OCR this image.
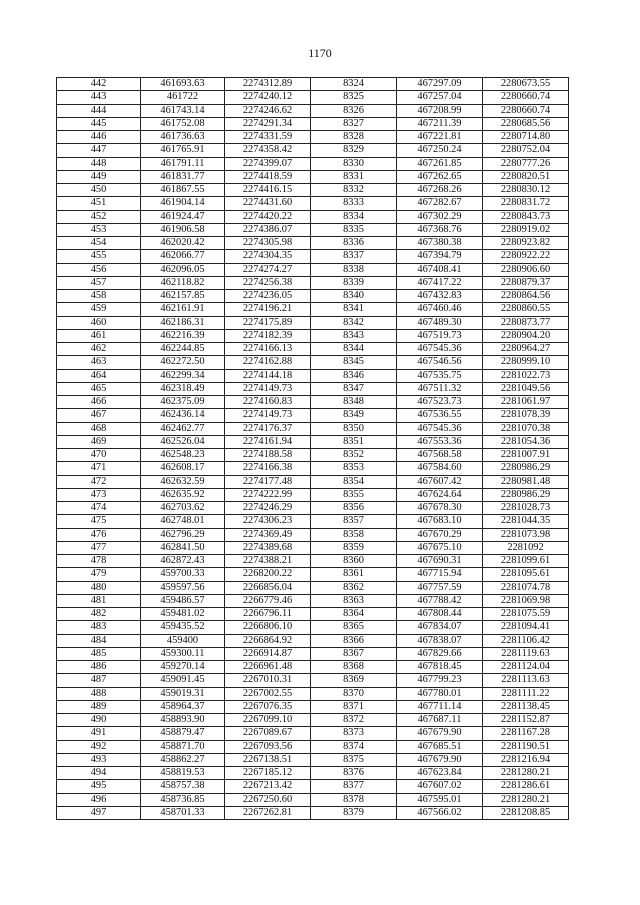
1170
442	461693.63	2274312.89	8324	467297.09	2280673.55
443	461722	2274240.12	8325	467257.04	2280660.74
444	461743.14	2274246.62	8326	467208.99	2280660.74
445	461752.08	2274291.34	8327	467211.39	2280685.56
446	461736.63	2274331.59	8328	467221.81	2280714.80
447	461765.91	2274358.42	8329	467250.24	2280752.04
448	461791.11	2274399.07	8330	467261.85	2280777.26
449	461831.77	2274418.59	8331	467262.65	2280820.51
450	461867.55	2274416.15	8332	467268.26	2280830.12
451	461904.14	2274431.60	8333	467282.67	2280831.72
452	461924.47	2274420.22	8334	467302.29	2280843.73
453	461906.58	2274386.07	8335	467368.76	2280919.02
454	462020.42	2274305.98	8336	467380.38	2280923.82
455	462066.77	2274304.35	8337	467394.79	2280922.22
456	462096.05	2274274.27	8338	467408.41	2280906.60
457	462118.82	2274256.38	8339	467417.22	2280879.37
458	462157.85	2274236.05	8340	467432.83	2280864.56
459	462161.91	2274196.21	8341	467460.46	2280860.55
460	462186.31	2274175.89	8342	467489.30	2280873.77
461	462216.39	2274182.39	8343	467519.73	2280904.20
462	462244.85	2274166.13	8344	467545.36	2280964.27
463	462272.50	2274162.88	8345	467546.56	2280999.10
464	462299.34	2274144.18	8346	467535.75	2281022.73
465	462318.49	2274149.73	8347	467511.32	2281049.56
466	462375.09	2274160.83	8348	467523.73	2281061.97
467	462436.14	2274149.73	8349	467536.55	2281078.39
468	462462.77	2274176.37	8350	467545.36	2281070.38
469	462526.04	2274161.94	8351	467553.36	2281054.36
470	462548.23	2274188.58	8352	467568.58	2281007.91
471	462608.17	2274166.38	8353	467584.60	2280986.29
472	462632.59	2274177.48	8354	467607.42	2280981.48
473	462635.92	2274222.99	8355	467624.64	2280986.29
474	462703.62	2274246.29	8356	467678.30	2281028.73
475	462748.01	2274306.23	8357	467683.10	2281044.35
476	462796.29	2274369.49	8358	467670.29	2281073.98
477	462841.50	2274389.68	8359	467675.10	2281092
478	462872.43	2274388.21	8360	467690.31	2281099.61
479	459700.33	2268200.22	8361	467715.94	2281095.61
480	459597.56	2266856.04	8362	467757.59	2281074.78
481	459486.57	2266779.46	8363	467788.42	2281069.98
482	459481.02	2266796.11	8364	467808.44	2281075.59
483	459435.52	2266806.10	8365	467834.07	2281094.41
484	459400	2266864.92	8366	467838.07	2281106.42
485	459300.11	2266914.87	8367	467829.66	2281119.63
486	459270.14	2266961.48	8368	467818.45	2281124.04
487	459091.45	2267010.31	8369	467799.23	2281113.63
488	459019.31	2267002.55	8370	467780.01	2281111.22
489	458964.37	2267076.35	8371	467711.14	2281138.45
490	458893.90	2267099.10	8372	467687.11	2281152.87
491	458879.47	2267089.67	8373	467679.90	2281167.28
492	458871.70	2267093.56	8374	467685.51	2281190.51
493	458862.27	2267138.51	8375	467679.90	2281216.94
494	458819.53	2267185.12	8376	467623.84	2281280.21
495	458757.38	2267213.42	8377	467607.02	2281286.61
496	458736.85	2267250.60	8378	467595.01	2281280.21
497	458701.33	2267262.81	8379	467566.02	2281208.85
